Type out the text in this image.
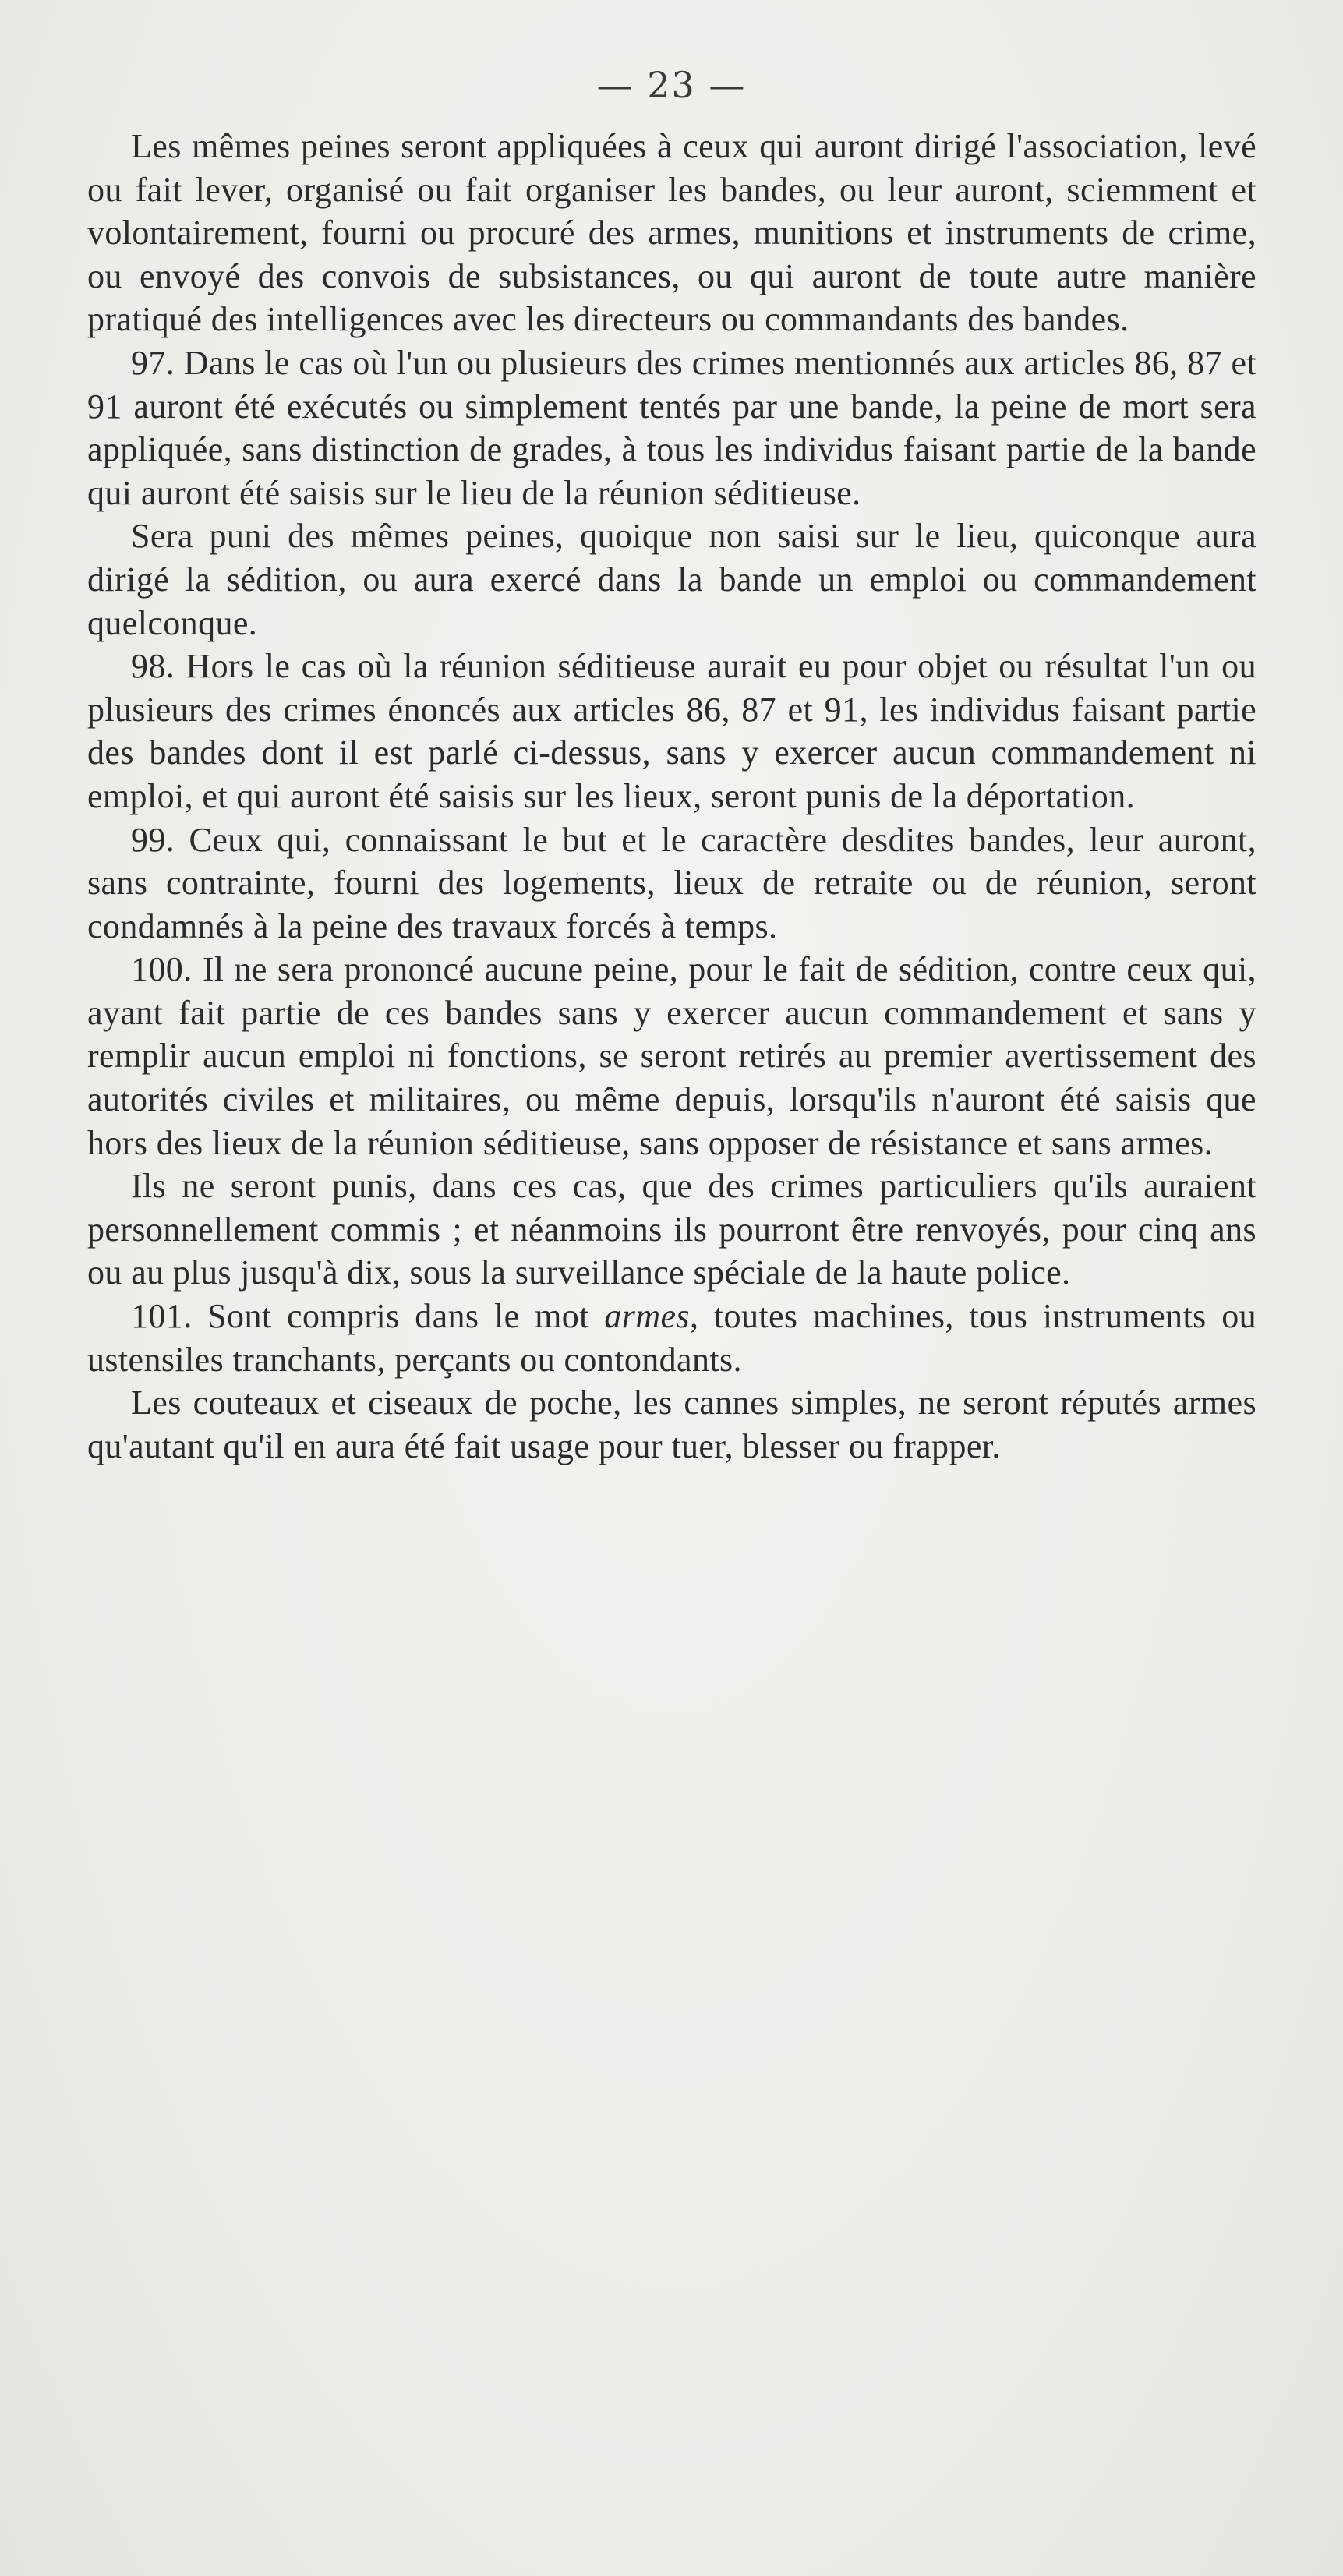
— 23 —

Les mêmes peines seront appliquées à ceux qui auront dirigé l'association, levé ou fait lever, organisé ou fait organiser les bandes, ou leur auront, sciemment et volontairement, fourni ou procuré des armes, munitions et instruments de crime, ou envoyé des convois de subsistances, ou qui auront de toute autre manière pratiqué des intelligences avec les directeurs ou commandants des bandes.

97. Dans le cas où l'un ou plusieurs des crimes mentionnés aux articles 86, 87 et 91 auront été exécutés ou simplement tentés par une bande, la peine de mort sera appliquée, sans distinction de grades, à tous les individus faisant partie de la bande qui auront été saisis sur le lieu de la réunion séditieuse.

Sera puni des mêmes peines, quoique non saisi sur le lieu, quiconque aura dirigé la sédition, ou aura exercé dans la bande un emploi ou commandement quelconque.

98. Hors le cas où la réunion séditieuse aurait eu pour objet ou résultat l'un ou plusieurs des crimes énoncés aux articles 86, 87 et 91, les individus faisant partie des bandes dont il est parlé ci-dessus, sans y exercer aucun commandement ni emploi, et qui auront été saisis sur les lieux, seront punis de la déportation.

99. Ceux qui, connaissant le but et le caractère desdites bandes, leur auront, sans contrainte, fourni des logements, lieux de retraite ou de réunion, seront condamnés à la peine des travaux forcés à temps.

100. Il ne sera prononcé aucune peine, pour le fait de sédition, contre ceux qui, ayant fait partie de ces bandes sans y exercer aucun commandement et sans y remplir aucun emploi ni fonctions, se seront retirés au premier avertissement des autorités civiles et militaires, ou même depuis, lorsqu'ils n'auront été saisis que hors des lieux de la réunion séditieuse, sans opposer de résistance et sans armes.

Ils ne seront punis, dans ces cas, que des crimes particuliers qu'ils auraient personnellement commis ; et néanmoins ils pourront être renvoyés, pour cinq ans ou au plus jusqu'à dix, sous la surveillance spéciale de la haute police.

101. Sont compris dans le mot armes, toutes machines, tous instruments ou ustensiles tranchants, perçants ou contondants.

Les couteaux et ciseaux de poche, les cannes simples, ne seront réputés armes qu'autant qu'il en aura été fait usage pour tuer, blesser ou frapper.
